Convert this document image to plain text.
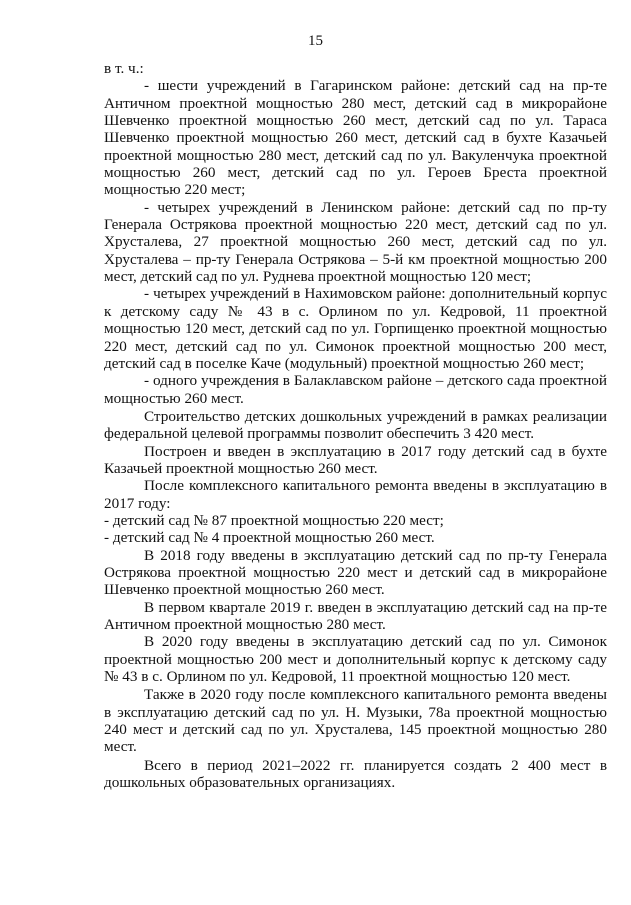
15

в т. ч.:

- шести учреждений в Гагаринском районе: детский сад на пр-те Античном проектной мощностью 280 мест, детский сад в микрорайоне Шевченко проектной мощностью 260 мест, детский сад по ул. Тараса Шевченко проектной мощностью 260 мест, детский сад в бухте Казачьей проектной мощностью 280 мест, детский сад по ул. Вакуленчука проектной мощностью 260 мест, детский сад по ул. Героев Бреста проектной мощностью 220 мест;

- четырех учреждений в Ленинском районе: детский сад по пр-ту Генерала Острякова проектной мощностью 220 мест, детский сад по ул. Хрусталева, 27 проектной мощностью 260 мест, детский сад по ул. Хрусталева – пр-ту Генерала Острякова – 5-й км проектной мощностью 200 мест, детский сад по ул. Руднева проектной мощностью 120 мест;

- четырех учреждений в Нахимовском районе: дополнительный корпус к детскому саду № 43 в с. Орлином по ул. Кедровой, 11 проектной мощностью 120 мест, детский сад по ул. Горпищенко проектной мощностью 220 мест, детский сад по ул. Симонок проектной мощностью 200 мест, детский сад в поселке Каче (модульный) проектной мощностью 260 мест;

- одного учреждения в Балаклавском районе – детского сада проектной мощностью 260 мест.

Строительство детских дошкольных учреждений в рамках реализации федеральной целевой программы позволит обеспечить 3 420 мест.

Построен и введен в эксплуатацию в 2017 году детский сад в бухте Казачьей проектной мощностью 260 мест.

После комплексного капитального ремонта введены в эксплуатацию в 2017 году:

- детский сад № 87 проектной мощностью 220 мест;

- детский сад № 4 проектной мощностью 260 мест.

В 2018 году введены в эксплуатацию детский сад по пр-ту Генерала Острякова проектной мощностью 220 мест и детский сад в микрорайоне Шевченко проектной мощностью 260 мест.

В первом квартале 2019 г. введен в эксплуатацию детский сад на пр-те Античном проектной мощностью 280 мест.

В 2020 году введены в эксплуатацию детский сад по ул. Симонок проектной мощностью 200 мест и дополнительный корпус к детскому саду № 43 в с. Орлином по ул. Кедровой, 11 проектной мощностью 120 мест.

Также в 2020 году после комплексного капитального ремонта введены в эксплуатацию детский сад по ул. Н. Музыки, 78а проектной мощностью 240 мест и детский сад по ул. Хрусталева, 145 проектной мощностью 280 мест.

Всего в период 2021–2022 гг. планируется создать 2 400 мест в дошкольных образовательных организациях.
